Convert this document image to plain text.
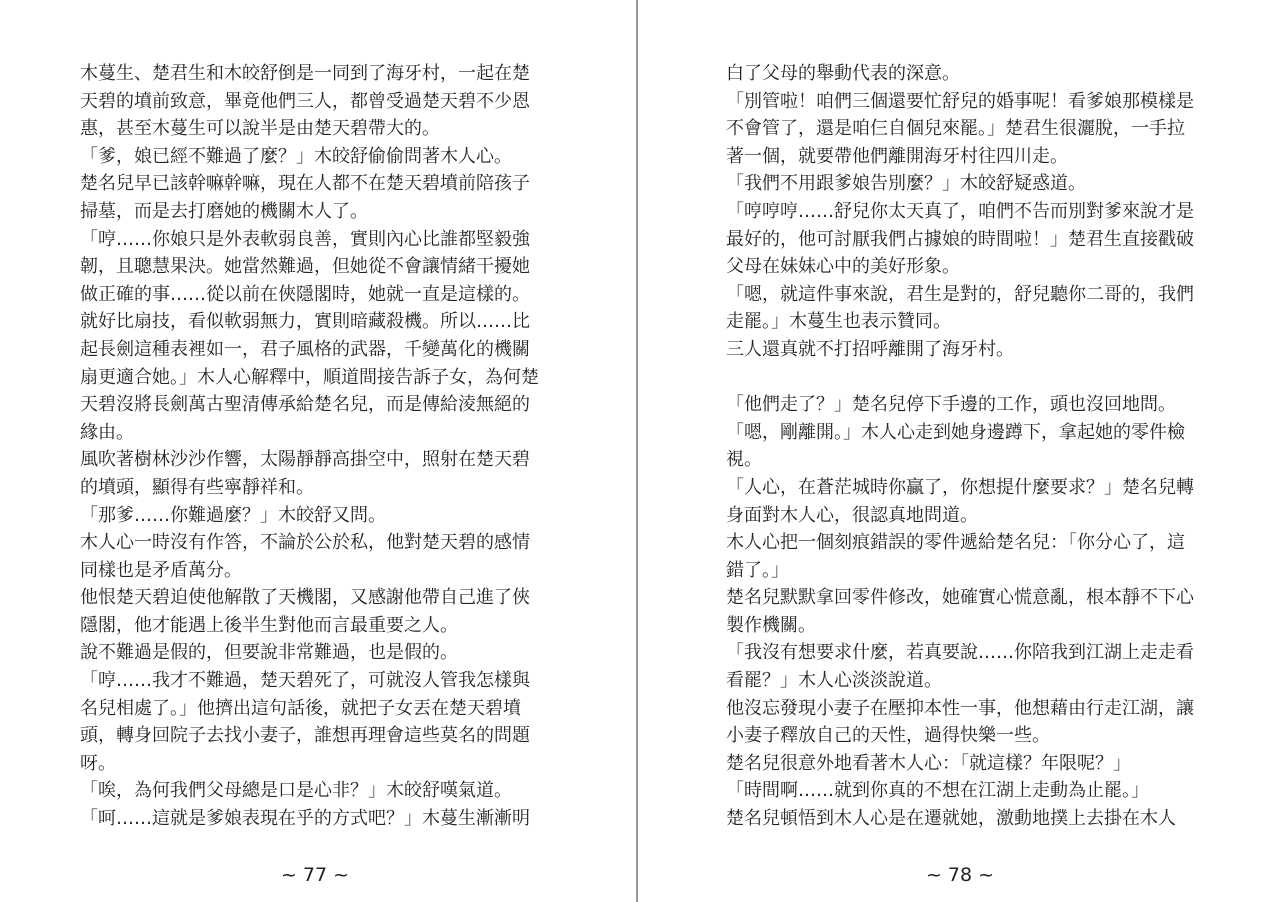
木蔓生、楚君生和木皎舒倒是一同到了海牙村，一起在楚天碧的墳前致意，畢竟他們三人，都曾受過楚天碧不少恩惠，甚至木蔓生可以說半是由楚天碧帶大的。

「爹，娘已經不難過了麼？」木皎舒偷偷問著木人心。

楚名兒早已該幹嘛幹嘛，現在人都不在楚天碧墳前陪孩子掃墓，而是去打磨她的機關木人了。

「哼……你娘只是外表軟弱良善，實則內心比誰都堅毅強韌，且聰慧果決。她當然難過，但她從不會讓情緒干擾她做正確的事……從以前在俠隱閣時，她就一直是這樣的。就好比扇技，看似軟弱無力，實則暗藏殺機。所以……比起長劍這種表裡如一，君子風格的武器，千變萬化的機關扇更適合她。」木人心解釋中，順道間接告訴子女，為何楚天碧沒將長劍萬古聖清傳承給楚名兒，而是傳給淩無絕的緣由。

風吹著樹林沙沙作響，太陽靜靜高掛空中，照射在楚天碧的墳頭，顯得有些寧靜祥和。

「那爹……你難過麼？」木皎舒又問。

木人心一時沒有作答，不論於公於私，他對楚天碧的感情同樣也是矛盾萬分。

他恨楚天碧迫使他解散了天機閣，又感謝他帶自己進了俠隱閣，他才能遇上後半生對他而言最重要之人。

說不難過是假的，但要說非常難過，也是假的。

「哼……我才不難過，楚天碧死了，可就沒人管我怎樣與名兒相處了。」他擠出這句話後，就把子女丟在楚天碧墳頭，轉身回院子去找小妻子，誰想再理會這些莫名的問題呀。

「唉，為何我們父母總是口是心非？」木皎舒嘆氣道。

「呵……這就是爹娘表現在乎的方式吧？」木蔓生漸漸明

~ 77 ~

白了父母的舉動代表的深意。

「別管啦！咱們三個還要忙舒兒的婚事呢！看爹娘那模樣是不會管了，還是咱仨自個兒來罷。」楚君生很灑脫，一手拉著一個，就要帶他們離開海牙村往四川走。

「我們不用跟爹娘告別麼？」木皎舒疑惑道。

「哼哼哼……舒兒你太天真了，咱們不告而別對爹來說才是最好的，他可討厭我們占據娘的時間啦！」楚君生直接戳破父母在妹妹心中的美好形象。

「嗯，就這件事來說，君生是對的，舒兒聽你二哥的，我們走罷。」木蔓生也表示贊同。

三人還真就不打招呼離開了海牙村。

「他們走了？」楚名兒停下手邊的工作，頭也沒回地問。

「嗯，剛離開。」木人心走到她身邊蹲下，拿起她的零件檢視。

「人心，在蒼茫城時你贏了，你想提什麼要求？」楚名兒轉身面對木人心，很認真地問道。

木人心把一個刻痕錯誤的零件遞給楚名兒：「你分心了，這錯了。」

楚名兒默默拿回零件修改，她確實心慌意亂，根本靜不下心製作機關。

「我沒有想要求什麼，若真要說……你陪我到江湖上走走看看罷？」木人心淡淡說道。

他沒忘發現小妻子在壓抑本性一事，他想藉由行走江湖，讓小妻子釋放自己的天性，過得快樂一些。

楚名兒很意外地看著木人心：「就這樣？年限呢？」

「時間啊……就到你真的不想在江湖上走動為止罷。」

楚名兒頓悟到木人心是在遷就她，激動地撲上去掛在木人

~ 78 ~
